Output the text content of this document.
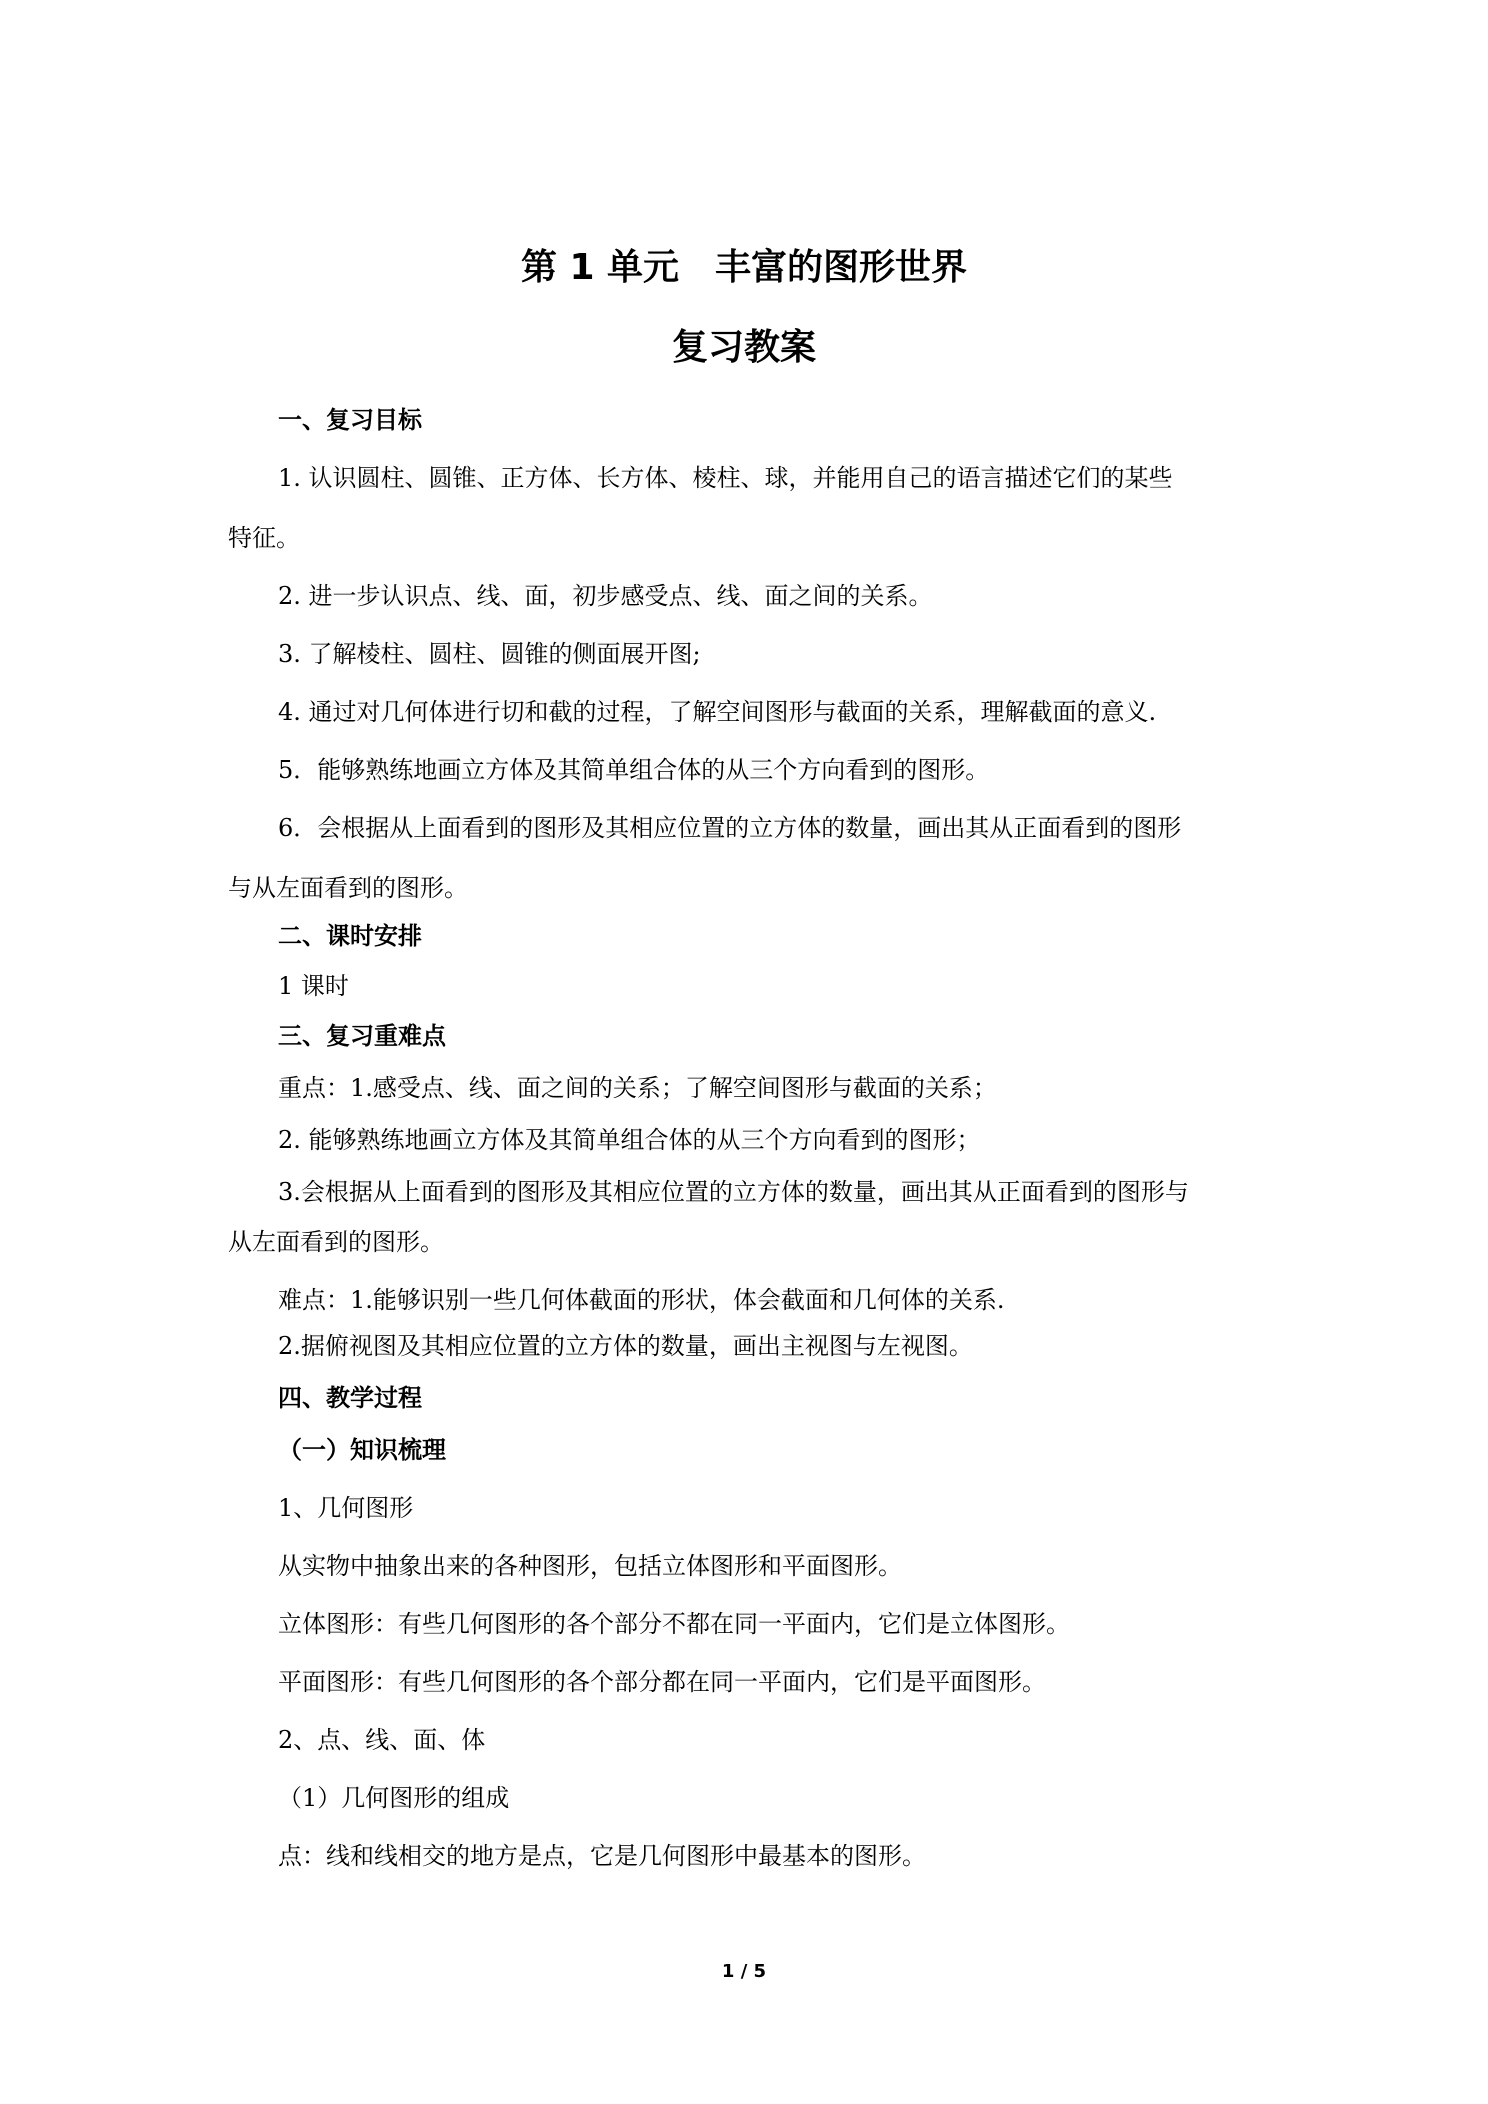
第 1 单元　丰富的图形世界
复习教案
一、复习目标
1. 认识圆柱、圆锥、正方体、长方体、棱柱、球，并能用自己的语言描述它们的某些
特征。
2. 进一步认识点、线、面，初步感受点、线、面之间的关系。
3. 了解棱柱、圆柱、圆锥的侧面展开图;
4. 通过对几何体进行切和截的过程，了解空间图形与截面的关系，理解截面的意义.
5．能够熟练地画立方体及其简单组合体的从三个方向看到的图形。
6．会根据从上面看到的图形及其相应位置的立方体的数量，画出其从正面看到的图形
与从左面看到的图形。
二、课时安排
1 课时
三、复习重难点
重点：1.感受点、线、面之间的关系；了解空间图形与截面的关系；
2. 能够熟练地画立方体及其简单组合体的从三个方向看到的图形；
3.会根据从上面看到的图形及其相应位置的立方体的数量，画出其从正面看到的图形与
从左面看到的图形。
难点：1.能够识别一些几何体截面的形状，体会截面和几何体的关系.
2.据俯视图及其相应位置的立方体的数量，画出主视图与左视图。
四、教学过程
（一）知识梳理
1、几何图形
从实物中抽象出来的各种图形，包括立体图形和平面图形。
立体图形：有些几何图形的各个部分不都在同一平面内，它们是立体图形。
平面图形：有些几何图形的各个部分都在同一平面内，它们是平面图形。
2、点、线、面、体
（1）几何图形的组成
点：线和线相交的地方是点，它是几何图形中最基本的图形。
1 / 5
